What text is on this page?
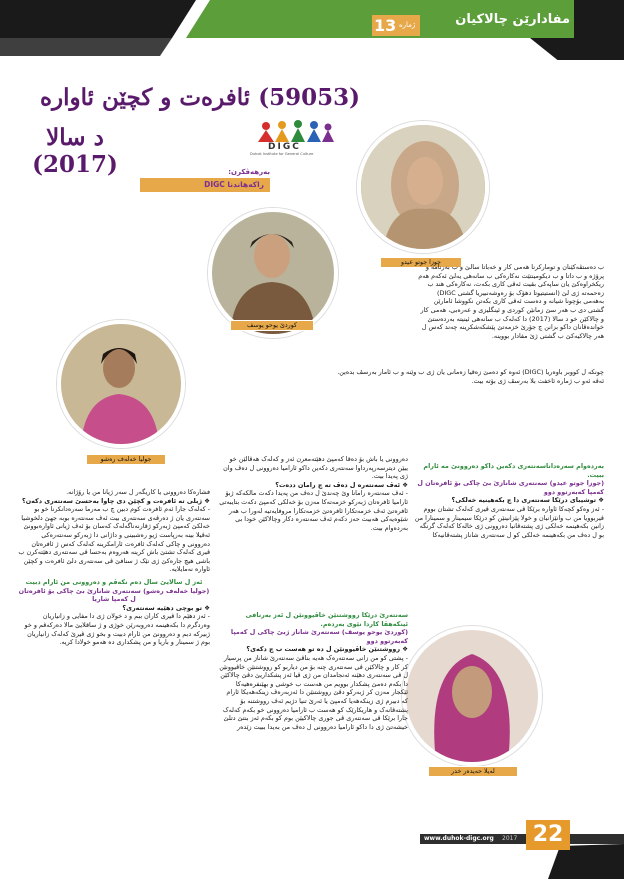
مفادارێن چالاکیان
13 ژمارە
(59053) ئافرەت و کچێن ئاوارە
د سالا (2017)
DIGC
Duhok Institute for General Culture
بەرهەڤکرن:
راکەهاندنا DIGC
جوزا جوتو عیدو
کوردێ یوحو یوسف
جولیا خەلەف رەشو
لەیلا حەیدەر خدر
ب دەستڤەکێنان و تومارکرنا هەمی کار و خەباتا سالێ و ب بەرنامە و پرۆژە و ب داتا و ب دیکومینتێت نەکارەکی ب سانەهی یەلێ ئەکەم هەم ریکخراوەکێ یان ساپەکی بقیت ئەڤی کاری بکەت، نەکارەکی هند ب زەحمەتە ژی لێ (انستیتیوتا دهۆک بۆ رەوشەنبیریا گشتی DIGC) بەهەمی بۆچونا شیانە و دەست ئەڤی کاری بکەتن نکووشا ئامارێن گشتی دی ب هەر سێ زمانێن کوردی و ئینگلیزی و عەرەبی، هەمی کار و چالاکێن خو د سالا (2017) دا کەلەک ب سانەهی ئینیتە بەردەستێ خواندەڤانان داکو بزانن چ جۆرێ خزمەتێ پێشکەشکرینە چەند کەس ل هەر چالاکیەکێ ب گشتی ژێ مفادار بووینە.
چونکە ل کووبر باوەریا (DIGC) ئەوە کو دەمێ زەقیا زەمانی یان ژی ب وێنە و ب ئامار بەرسڤ بدەین.
ئەڤە ئەو ب ژمارە ئاخفت بلا بەرسڤ ژی بۆتە بیت.
بەردەوام سەرەداناسەنتەری دکەین داکو دەروونێ مە ئارام ببیت.
(جوزا جوتو عیدو) سەنتەری شانازێ بێ چاکی بۆ ئافرەتان ل کەمپا کەبەرتوو دوو
❖ توشیبای درێکا سەنتەری دا چ بکەهینیە خەلکی؟
- ئەز وەکو کچەکا ئاوارە برێکا ڤی سەنتەری ڤیری کەلەک تشتان بووم ڤیربوویا من ب وانێزانیان و خولا پێزانینێن کو درێکا سیمینار و سمینارا من زانین بکەهینمە خەلکی ژی پشتەڤانیا دەروونی ژی خالەکا کەلەک گرنگە بو ل دەڤ من بکەهینمە خەلکی کو ل سەنتەری شاناز پشتەڤانیەکا
دەروونی یا باش بۆ دەقا کەمپێ دهێتەمعرن ئەز و کەلەک هەڤالێن خو ییێن دیترسەرپەرداوا سەنتەری دکەین داکو ئاراميا دەروونی ل دەڤ وان ژی پەیدا بیت.
❖ ئەڤ سەنتەرە ل دەڤ تە چ رامان ددەت؟
- ئەڤ سەنتەرە رامانا وێ چەندێ ل دەڤ من پەیدا دکەت مالکەکە ژبۆ ئارامیا ئافرەتان ژبەرکو خزمەتەکا مەزن بۆ خەلکی کەمپێ دکەت بتایبەتی ئافرەتێ ئەڤ خزمەتکارا ئافرەتێ خزمەتکارا مروفایەتیە لەورا ب هەر شێوەیەکی هەبیت حەز دکەم ئەڤ سەنتەرە دکار وچالاکێن خودا بی بەردەوام بیت.
سەنتەرێ درێکا رووشتنێن خاڤیوونێن ل ئەز بەرنافی ئینکەهڤا کاردا نێوی بەردەم.
(کوردێ یوحو یوسف) سەنتەرێ شاناز ژبێ چاکی ل کەمپا کەبەرتوو دوو
❖ رووشتنێن خاڤیوونێن ل دە تو هەست ب چ دکەی؟
- پشتی کو من زانی سەنتەرەک هەیە بناڤێ سەنتەرێ شاناز من پرسیار کر کار و چالاکێن ڤی سەنتەری چنە بۆ من دیاربو کو رووشتنێن خاڤیوونێن ل ڤی سەنتەری دهێنە ئەنجامدان من ژی ڤیا ئەز پشکداریێ دڤێ چالاکێن دا بکەم دەمێ پشکدار بوویم من هەست ب خوشی و بهێنفرەهیەکا ئێکجار مەزن کر ژبەرکو دڤێ رووشتنێن دا ئەزبەرەڤ زینکەهەیکا ئارام کە دبیرم ژی زینکەهەیا کەمپێ یا ئەرێ تنیا دژیم ئەڤ رووشتنە بۆ پشتەڤانەک و هاریکارێک کو هەست ب ئاراميا دەروونی خو بکەم کەلەک جارا برێکا ڤی سەنتەری ڤی جوری چالاکیێن بوم کو بکەم ئەز بنتێ دتلێ خیشەتێ ژی دا داکو ئاراميا دەروونی ل دەڤ من بەیدا ببیت زێدەر
فشارەکا دەروونی یا کاریگەر ل سەر ژیانا من یا رۆژانە.
❖ ژبلی تە ئافرەت و کچێن دی چاوا بەحسێ سەنتەری دکەن؟
- کەلەک جارا ئەم ئافرەت کوم دبین چ ب مەرما سەرەدانکرنا خو بو سەنتەری یان ژ دەرڤەی سەنتەری بیت ئەڤ سەنتەرە بوبە جهێ دلخوشیا خەلکێ کەمپێ ژبەرکو ژقارنەناگەلەک کەسان بۆ ئەڤ ژیانی ئاوارەبوونێ ئەڤیلا بینە بەرپاست ژیو رەشبینی و داژانی دا ژبەرکو سەنتەرەکی دەروونی و چاکی کەلەک ئافرەت ئارامکرینە کەلەک کەس ژ ئافرەتان ڤیری کەلەک تشتێ باش کرینە هەروەم بەحسا ڤی سەنتەری دهێتەکرن ب باشی هیچ جارەکێ ژی نێک ژ سنافێ ڤی سەنتەری دلێ ئافرەت و کچێن ئاوارە نەمایلایە.
ئەز ل سالایێ سال دەم نکەڤم و دەروونی من ئارام دبیت
(جولیا خەلەف رەشو) سەنتەری شانازێ بێ چاکی بۆ ئافرەتان ل کەمپا شاریا
❖ تو بوچی دهێیە سەنتەری؟
- ئەز دهێم دا ڤیری کاران ببم و د خولان ژی دا مفایی و زانیاریان وەردگرم دا بکەهینمە دەروبەرێن خوژی و ژ ساقلایێ مالا دەرکەڤم و خو ژبیرکە دبم و دەروونێ من ئارام دبیت و بخو ژی ڤیرێ کەلەک زانیاریان بوم ژ سمینار و باریا و من پشکداری دە هەمو خولادا کریە.
www.duhok-digc.org	2017 22
